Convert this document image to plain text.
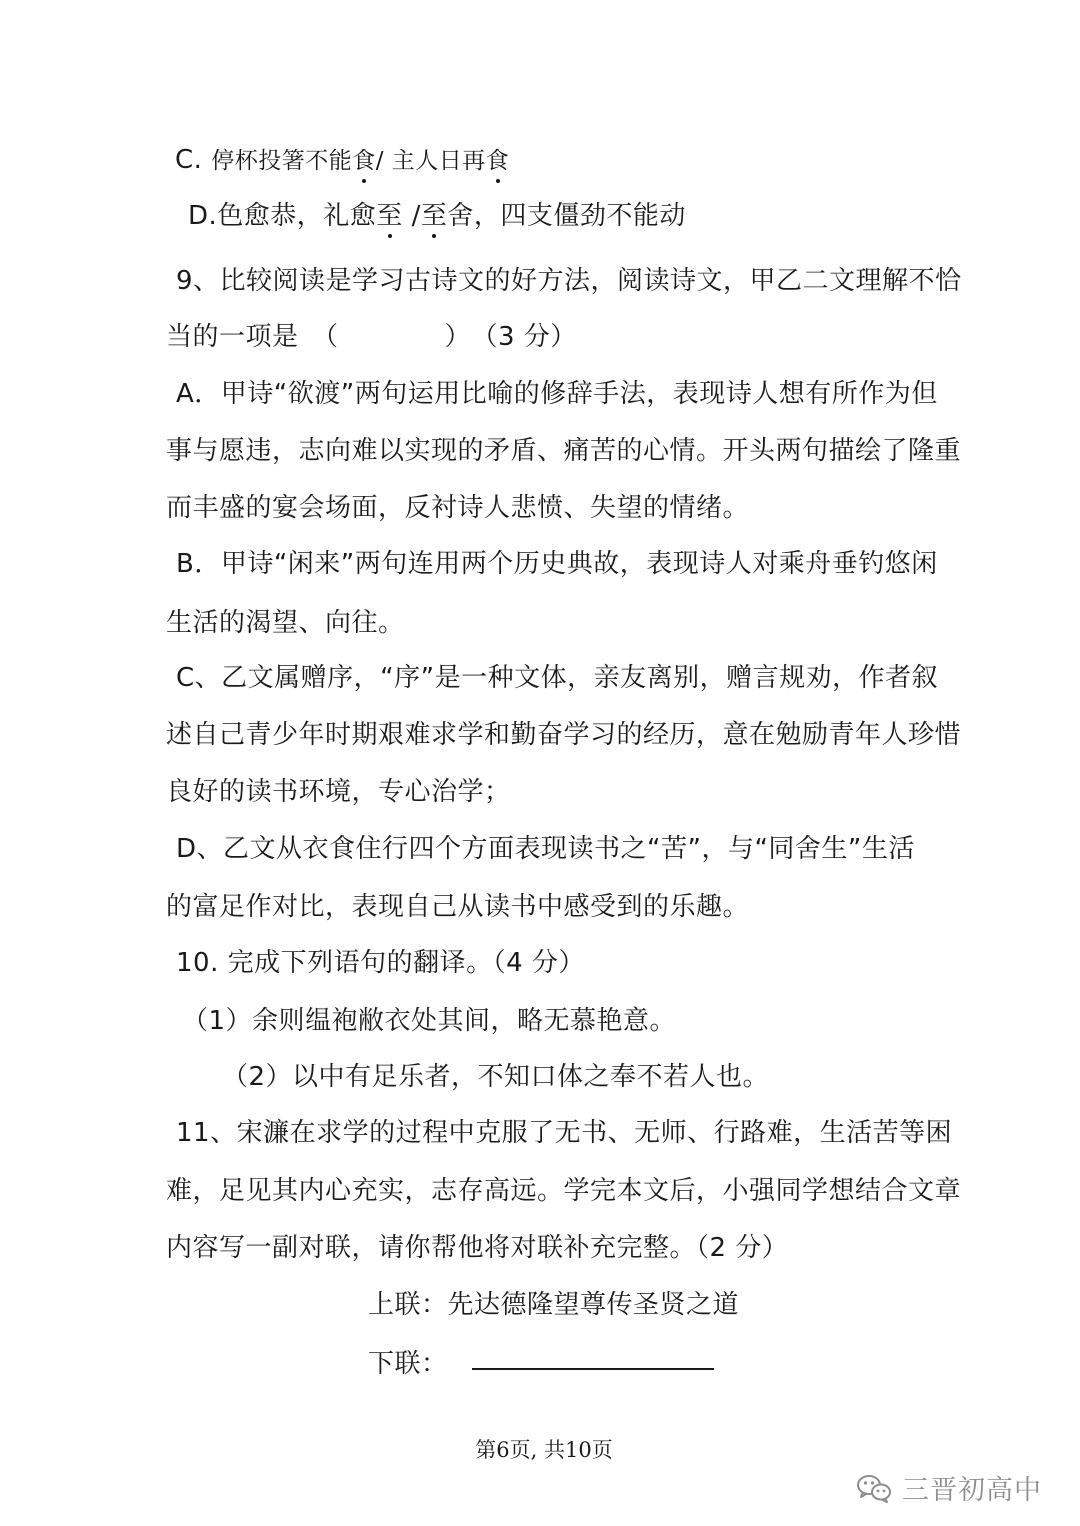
C. 停杯投箸不能食/ 主人日再食
D.色愈恭，礼愈至 /至舍，四支僵劲不能动
9、比较阅读是学习古诗文的好方法，阅读诗文，甲乙二文理解不恰
当的一项是　（　　　　）　（3 分）
A．甲诗“欲渡”两句运用比喻的修辞手法，表现诗人想有所作为但
事与愿违，志向难以实现的矛盾、痛苦的心情。开头两句描绘了隆重
而丰盛的宴会场面，反衬诗人悲愤、失望的情绪。
B．甲诗“闲来”两句连用两个历史典故，表现诗人对乘舟垂钓悠闲
生活的渴望、向往。
C、乙文属赠序，“序”是一种文体，亲友离别，赠言规劝，作者叙
述自己青少年时期艰难求学和勤奋学习的经历，意在勉励青年人珍惜
良好的读书环境，专心治学；
D、乙文从衣食住行四个方面表现读书之“苦”，与“同舍生”生活
的富足作对比，表现自己从读书中感受到的乐趣。
10. 完成下列语句的翻译。（4 分）
（1）余则缊袍敝衣处其间，略无慕艳意。
（2）以中有足乐者，不知口体之奉不若人也。
11、宋濂在求学的过程中克服了无书、无师、行路难，生活苦等困
难，足见其内心充实，志存高远。学完本文后，小强同学想结合文章
内容写一副对联，请你帮他将对联补充完整。（2 分）
上联：先达德隆望尊传圣贤之道
下联：
第6页, 共10页
三晋初高中
